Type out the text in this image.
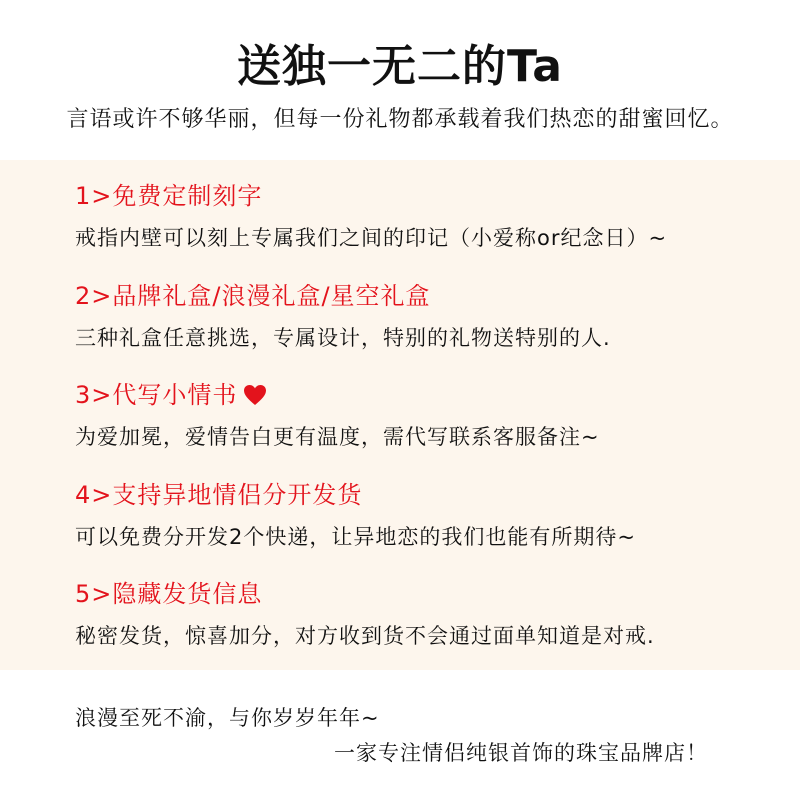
送独一无二的Ta
言语或许不够华丽，但每一份礼物都承载着我们热恋的甜蜜回忆。
1>免费定制刻字
戒指内壁可以刻上专属我们之间的印记（小爱称or纪念日）~
2>品牌礼盒/浪漫礼盒/星空礼盒
三种礼盒任意挑选，专属设计，特别的礼物送特别的人.
3>代写小情书
为爱加冕，爱情告白更有温度，需代写联系客服备注~
4>支持异地情侣分开发货
可以免费分开发2个快递，让异地恋的我们也能有所期待~
5>隐藏发货信息
秘密发货，惊喜加分，对方收到货不会通过面单知道是对戒.
浪漫至死不渝，与你岁岁年年~
一家专注情侣纯银首饰的珠宝品牌店！
